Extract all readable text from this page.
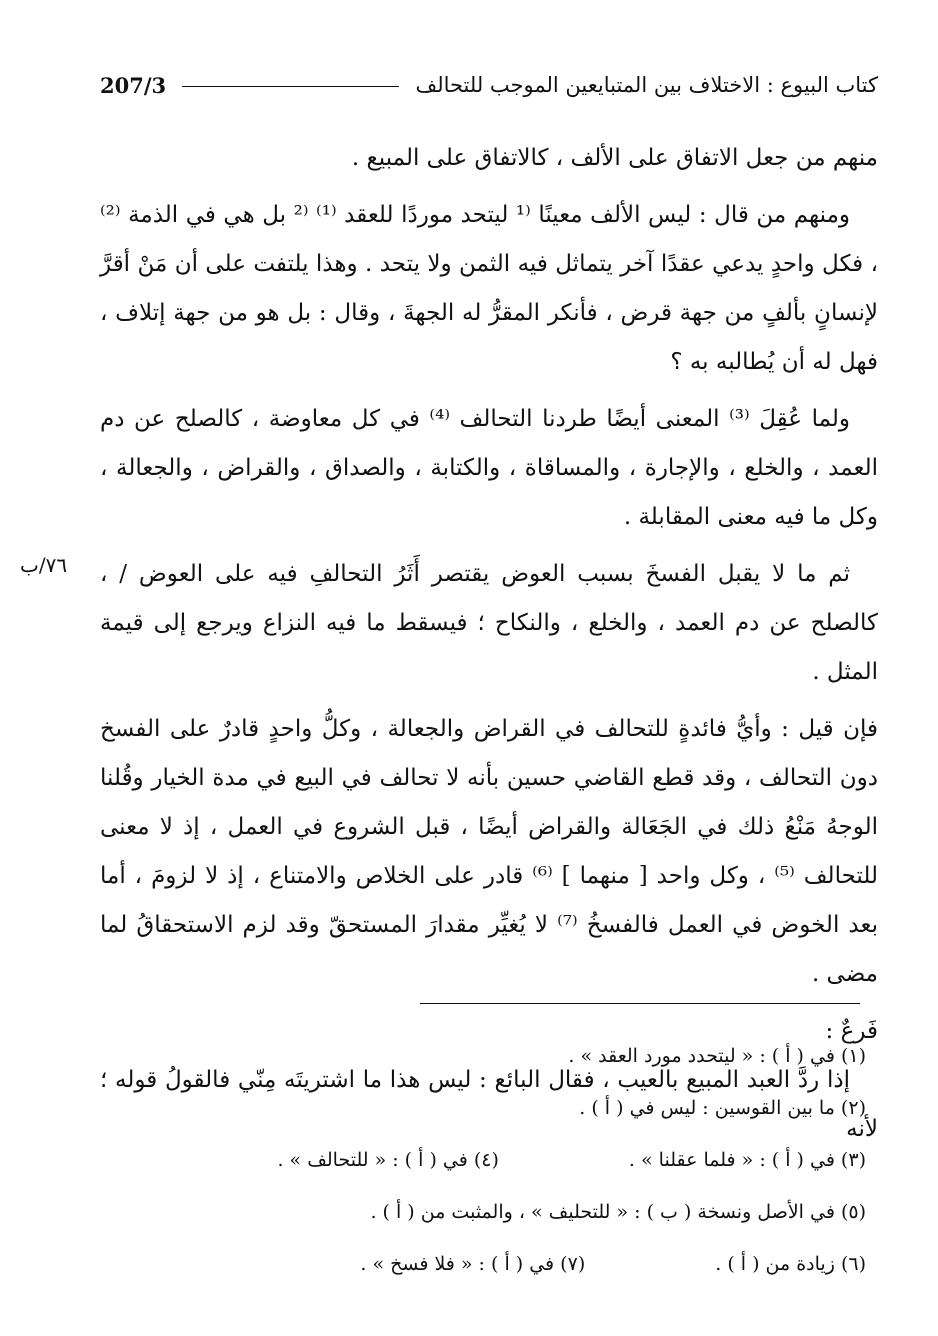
كتاب البيوع : الاختلاف بين المتبايعين الموجب للتحالف
207/3
٧٦/ب

منهم من جعل الاتفاق على الألف ، كالاتفاق على المبيع .

ومنهم من قال : ليس الألف معينًا ⁽¹ ليتحد موردًا للعقد ⁽¹⁾ ⁽² بل هي في الذمة ⁽²⁾ ، فكل واحدٍ يدعي عقدًا آخر يتماثل فيه الثمن ولا يتحد . وهذا يلتفت على أن مَنْ أقرَّ لإنسانٍ بألفٍ من جهة قرض ، فأنكر المقرُّ له الجهةَ ، وقال : بل هو من جهة إتلاف ، فهل له أن يُطالبه به ؟

ولما عُقِلَ ⁽³⁾ المعنى أيضًا طردنا التحالف ⁽⁴⁾ في كل معاوضة ، كالصلح عن دم العمد ، والخلع ، والإجارة ، والمساقاة ، والكتابة ، والصداق ، والقراض ، والجعالة ، وكل ما فيه معنى المقابلة .

ثم ما لا يقبل الفسخَ بسبب العوض يقتصر أَثَرُ التحالفِ فيه على العوض / ، كالصلح عن دم العمد ، والخلع ، والنكاح ؛ فيسقط ما فيه النزاع ويرجع إلى قيمة المثل .

فإن قيل : وأيُّ فائدةٍ للتحالف في القراض والجعالة ، وكلُّ واحدٍ قادرٌ على الفسخ دون التحالف ، وقد قطع القاضي حسين بأنه لا تحالف في البيع في مدة الخيار وقُلنا الوجهُ مَنْعُ ذلك في الجَعَالة والقراض أيضًا ، قبل الشروع في العمل ، إذ لا معنى للتحالف ⁽⁵⁾ ، وكل واحد [ منهما ] ⁽⁶⁾ قادر على الخلاص والامتناع ، إذ لا لزومَ ، أما بعد الخوض في العمل فالفسخُ ⁽⁷⁾ لا يُغيِّر مقدارَ المستحقّ وقد لزم الاستحقاقُ لما مضى .

فَرعٌ :

إذا ردَّ العبد المبيع بالعيب ، فقال البائع : ليس هذا ما اشتريتَه مِنّي فالقولُ قوله ؛ لأنه

(١) في ( أ ) : « ليتحدد مورد العقد » .
(٢) ما بين القوسين : ليس في ( أ ) .
(٣) في ( أ ) : « فلما عقلنا » .
(٤) في ( أ ) : « للتحالف » .
(٥) في الأصل ونسخة ( ب ) : « للتحليف » ، والمثبت من ( أ ) .
(٦) زيادة من ( أ ) .
(٧) في ( أ ) : « فلا فسخ » .
